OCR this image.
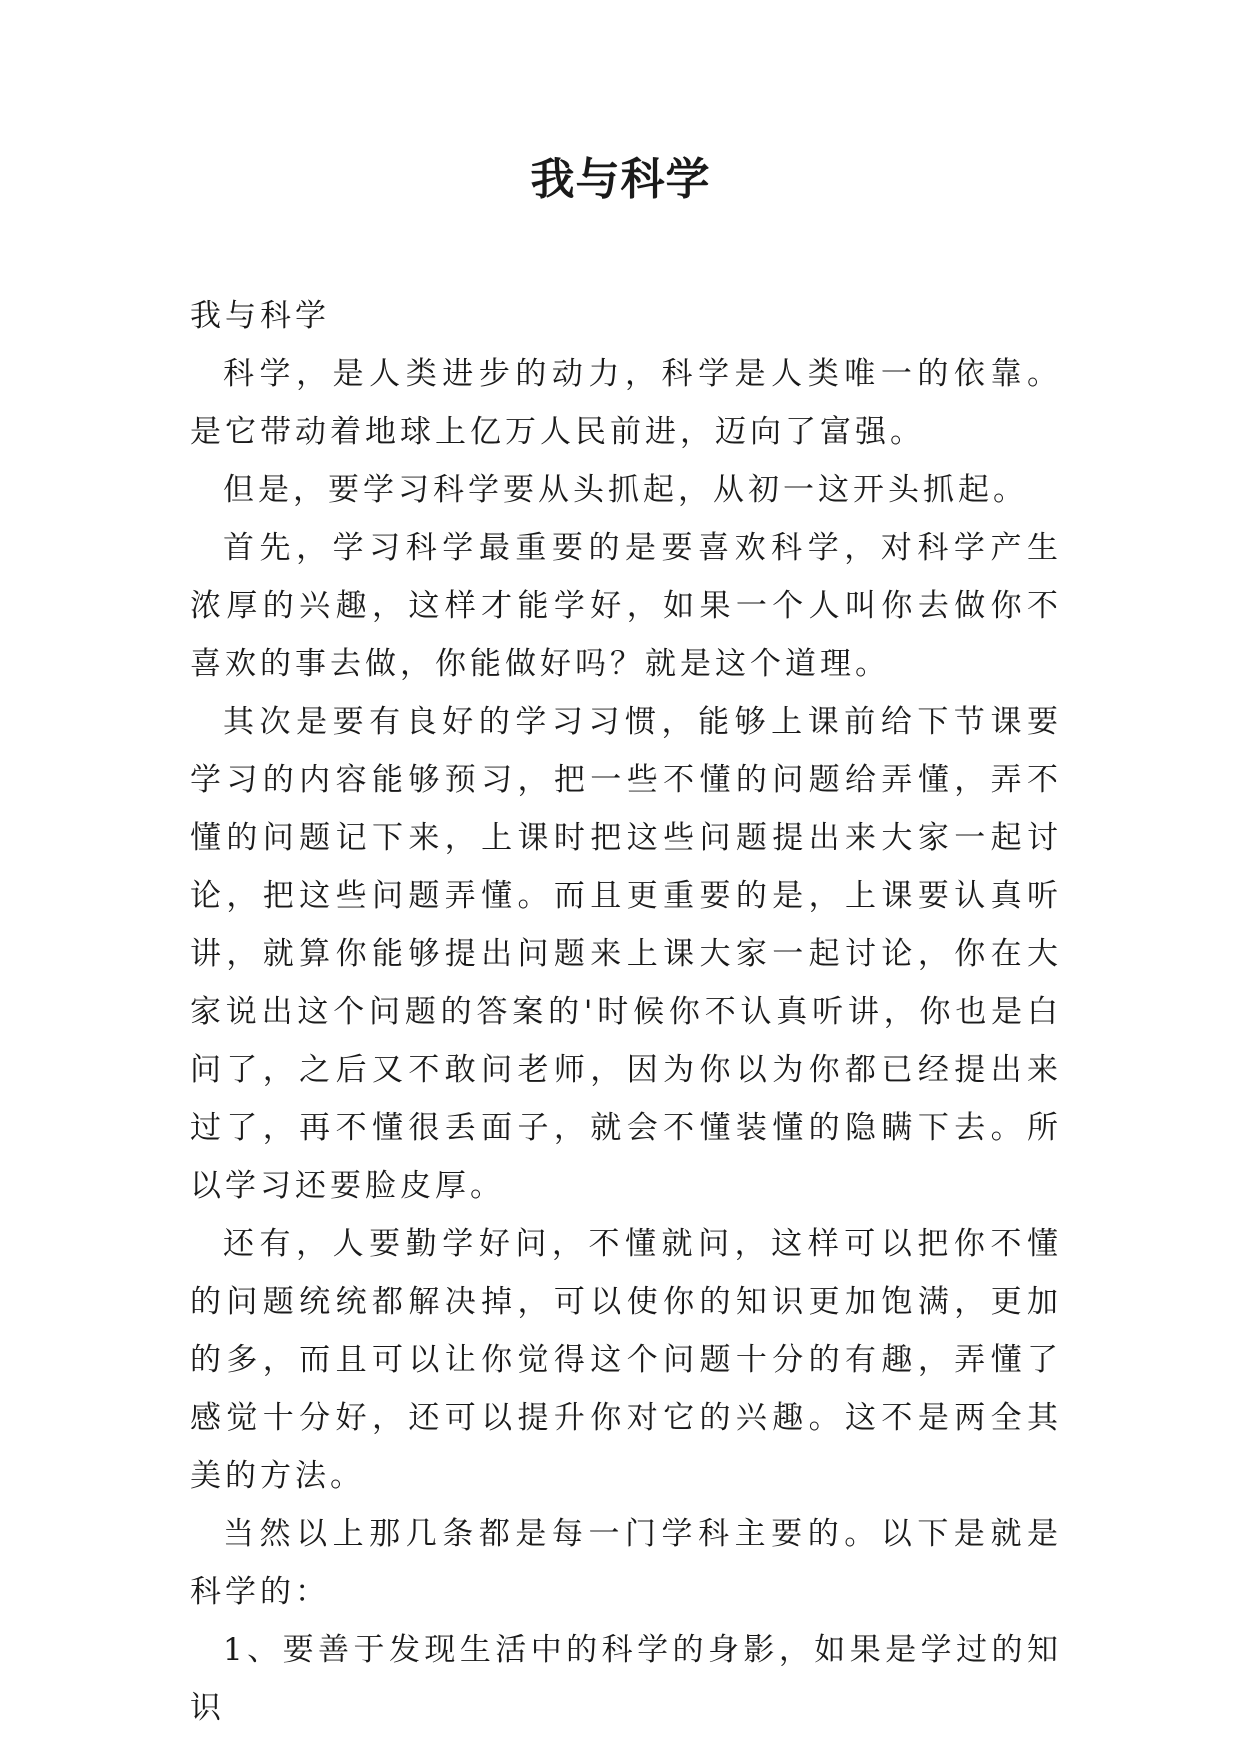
我与科学

我与科学

科学，是人类进步的动力，科学是人类唯一的依靠。是它带动着地球上亿万人民前进，迈向了富强。

但是，要学习科学要从头抓起，从初一这开头抓起。

首先，学习科学最重要的是要喜欢科学，对科学产生浓厚的兴趣，这样才能学好，如果一个人叫你去做你不喜欢的事去做，你能做好吗？就是这个道理。

其次是要有良好的学习习惯，能够上课前给下节课要学习的内容能够预习，把一些不懂的问题给弄懂，弄不懂的问题记下来，上课时把这些问题提出来大家一起讨论，把这些问题弄懂。而且更重要的是，上课要认真听讲，就算你能够提出问题来上课大家一起讨论，你在大家说出这个问题的答案的'时候你不认真听讲，你也是白问了，之后又不敢问老师，因为你以为你都已经提出来过了，再不懂很丢面子，就会不懂装懂的隐瞒下去。所以学习还要脸皮厚。

还有，人要勤学好问，不懂就问，这样可以把你不懂的问题统统都解决掉，可以使你的知识更加饱满，更加的多，而且可以让你觉得这个问题十分的有趣，弄懂了感觉十分好，还可以提升你对它的兴趣。这不是两全其美的方法。

当然以上那几条都是每一门学科主要的。以下是就是科学的：

1、要善于发现生活中的科学的身影，如果是学过的知识
